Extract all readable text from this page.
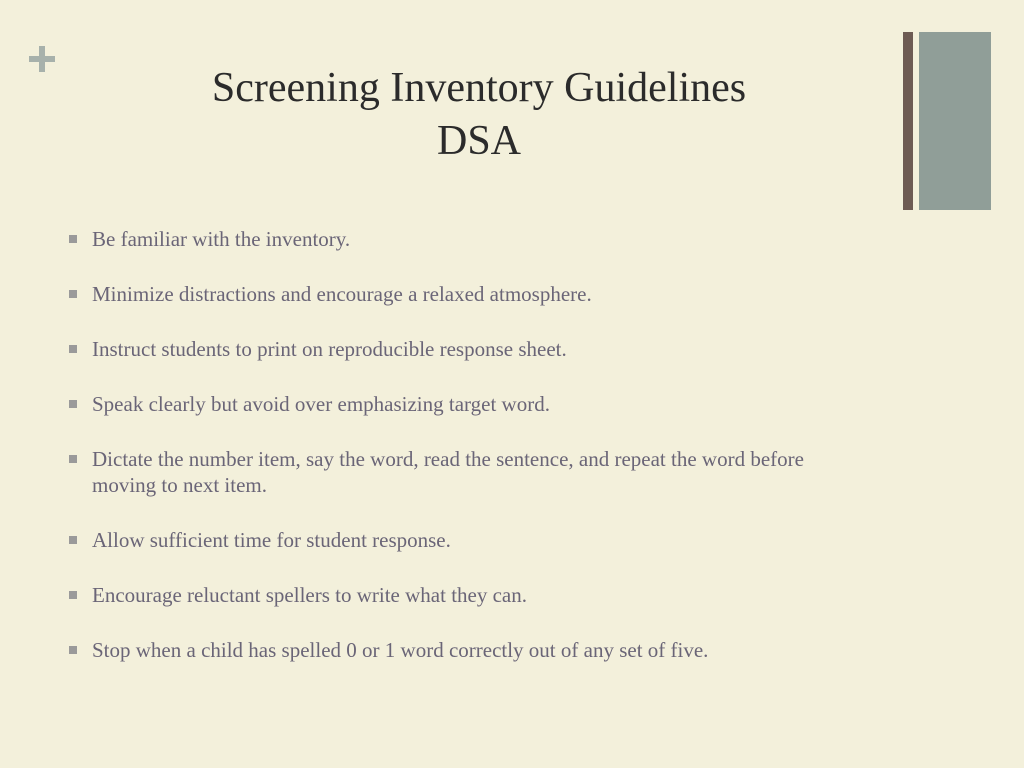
Screening Inventory Guidelines
DSA
Be familiar with the inventory.
Minimize distractions and encourage a relaxed atmosphere.
Instruct students to print on reproducible response sheet.
Speak clearly but avoid over emphasizing target word.
Dictate the number item, say the word, read the sentence, and repeat the word before moving to next item.
Allow sufficient time for student response.
Encourage reluctant spellers to write what they can.
Stop when a child has spelled 0 or 1 word correctly out of any set of five.
